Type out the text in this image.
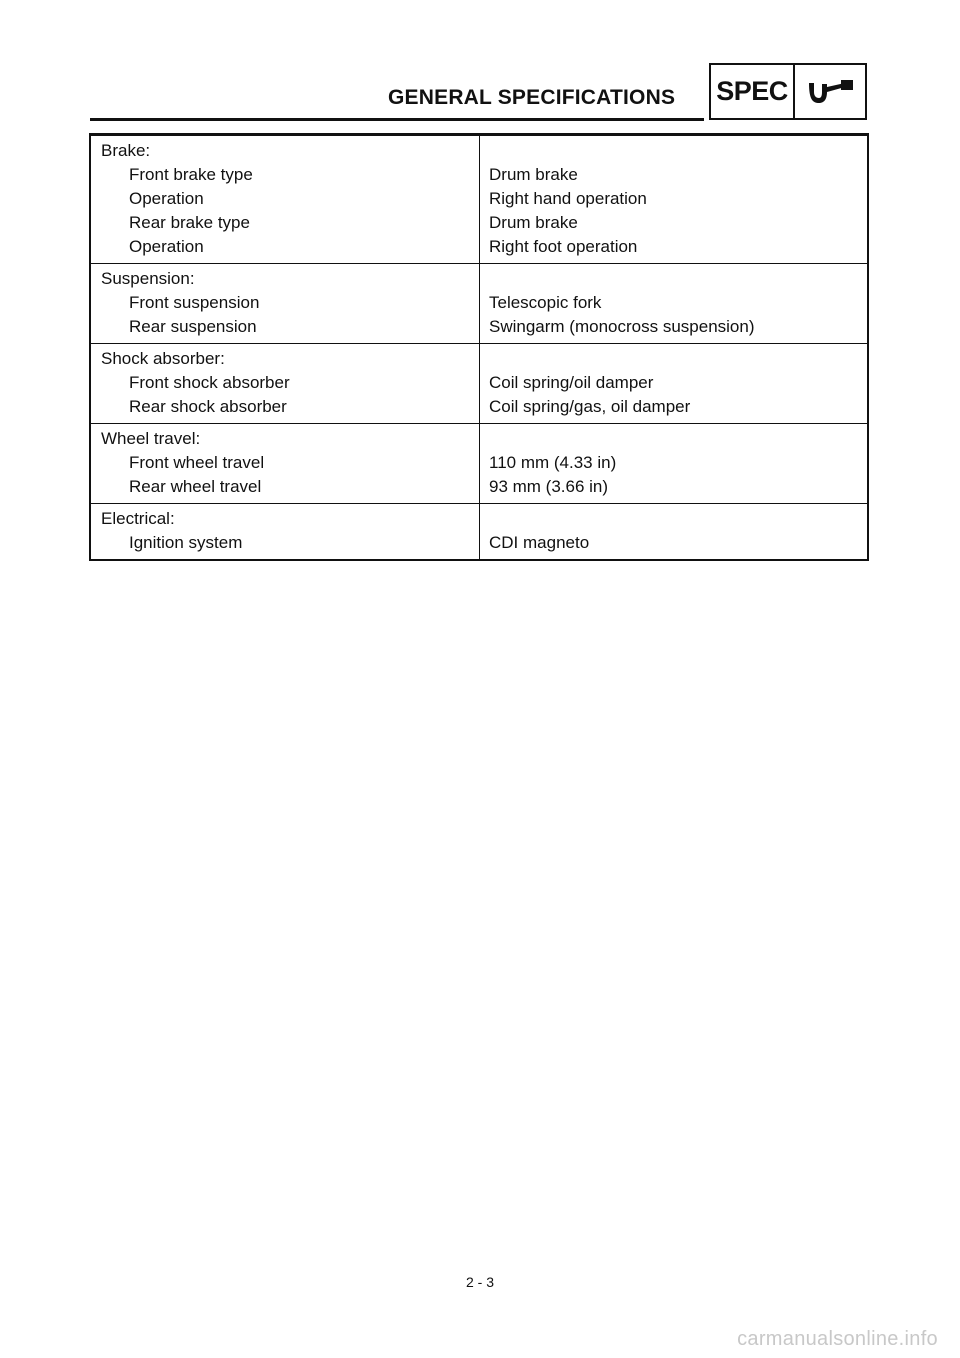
GENERAL SPECIFICATIONS SPEC
Brake:
Front brake type	Drum brake
Operation	Right hand operation
Rear brake type	Drum brake
Operation	Right foot operation
Suspension:
Front suspension	Telescopic fork
Rear suspension	Swingarm (monocross suspension)
Shock absorber:
Front shock absorber	Coil spring/oil damper
Rear shock absorber	Coil spring/gas, oil damper
Wheel travel:
Front wheel travel	110 mm (4.33 in)
Rear wheel travel	93 mm (3.66 in)
Electrical:
Ignition system	CDI magneto
2 - 3
carmanualsonline.info
